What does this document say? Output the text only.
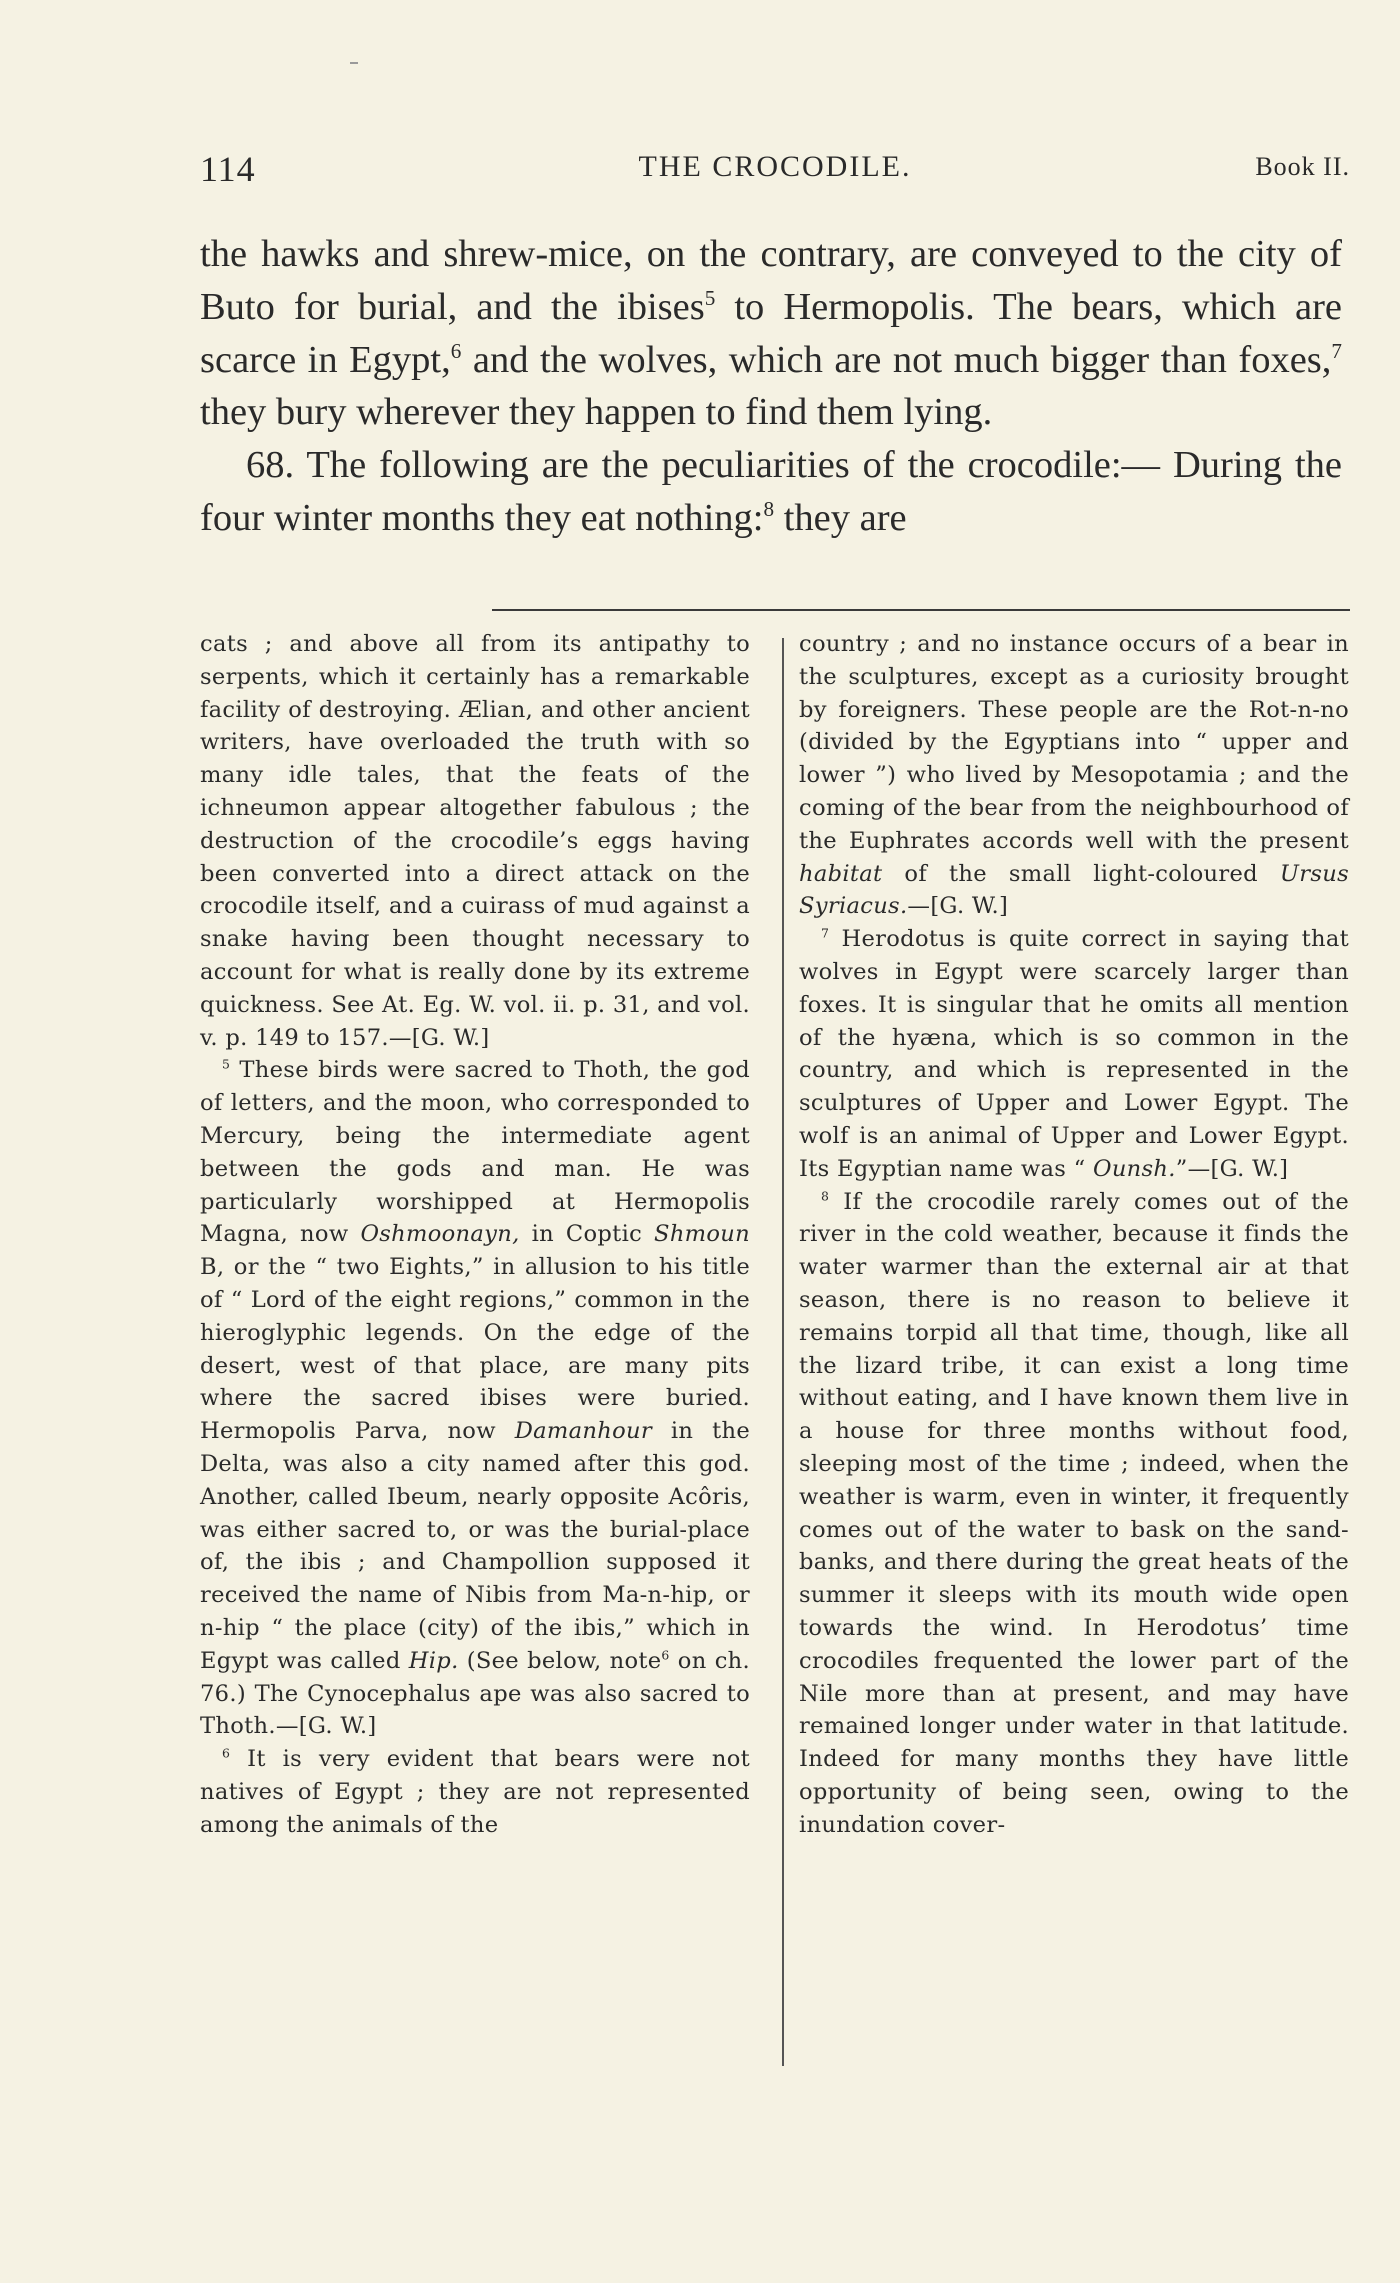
114	THE CROCODILE.	Book II.

the hawks and shrew-mice, on the contrary, are conveyed to the city of Buto for burial, and the ibises$^5$ to Hermopolis. The bears, which are scarce in Egypt,$^6$ and the wolves, which are not much bigger than foxes,$^7$ they bury wherever they happen to find them lying.

68. The following are the peculiarities of the crocodile:— During the four winter months they eat nothing:$^8$ they are

cats ; and above all from its antipathy to serpents, which it certainly has a remarkable facility of destroying. Ælian, and other ancient writers, have overloaded the truth with so many idle tales, that the feats of the ichneumon appear altogether fabulous ; the destruction of the crocodile’s eggs having been converted into a direct attack on the crocodile itself, and a cuirass of mud against a snake having been thought necessary to account for what is really done by its extreme quickness. See At. Eg. W. vol. ii. p. 31, and vol. v. p. 149 to 157.—[G. W.]

$^5$ These birds were sacred to Thoth, the god of letters, and the moon, who corresponded to Mercury, being the intermediate agent between the gods and man. He was particularly worshipped at Hermopolis Magna, now Oshmoonayn, in Coptic Shmoun B, or the “ two Eights,” in allusion to his title of “ Lord of the eight regions,” common in the hieroglyphic legends. On the edge of the desert, west of that place, are many pits where the sacred ibises were buried. Hermopolis Parva, now Damanhour in the Delta, was also a city named after this god. Another, called Ibeum, nearly opposite Acôris, was either sacred to, or was the burial-place of, the ibis ; and Champollion supposed it received the name of Nibis from Ma-n-hip, or n-hip “ the place (city) of the ibis,” which in Egypt was called Hip. (See below, note$^6$ on ch. 76.) The Cynocephalus ape was also sacred to Thoth.—[G. W.]

$^6$ It is very evident that bears were not natives of Egypt ; they are not represented among the animals of the

country ; and no instance occurs of a bear in the sculptures, except as a curiosity brought by foreigners. These people are the Rot-n-no (divided by the Egyptians into “ upper and lower ”) who lived by Mesopotamia ; and the coming of the bear from the neighbourhood of the Euphrates accords well with the present habitat of the small light-coloured Ursus Syriacus.—[G. W.]

$^7$ Herodotus is quite correct in saying that wolves in Egypt were scarcely larger than foxes. It is singular that he omits all mention of the hyæna, which is so common in the country, and which is represented in the sculptures of Upper and Lower Egypt. The wolf is an animal of Upper and Lower Egypt. Its Egyptian name was “ Ounsh.”—[G. W.]

$^8$ If the crocodile rarely comes out of the river in the cold weather, because it finds the water warmer than the external air at that season, there is no reason to believe it remains torpid all that time, though, like all the lizard tribe, it can exist a long time without eating, and I have known them live in a house for three months without food, sleeping most of the time ; indeed, when the weather is warm, even in winter, it frequently comes out of the water to bask on the sand-banks, and there during the great heats of the summer it sleeps with its mouth wide open towards the wind. In Herodotus’ time crocodiles frequented the lower part of the Nile more than at present, and may have remained longer under water in that latitude. Indeed for many months they have little opportunity of being seen, owing to the inundation cover-
